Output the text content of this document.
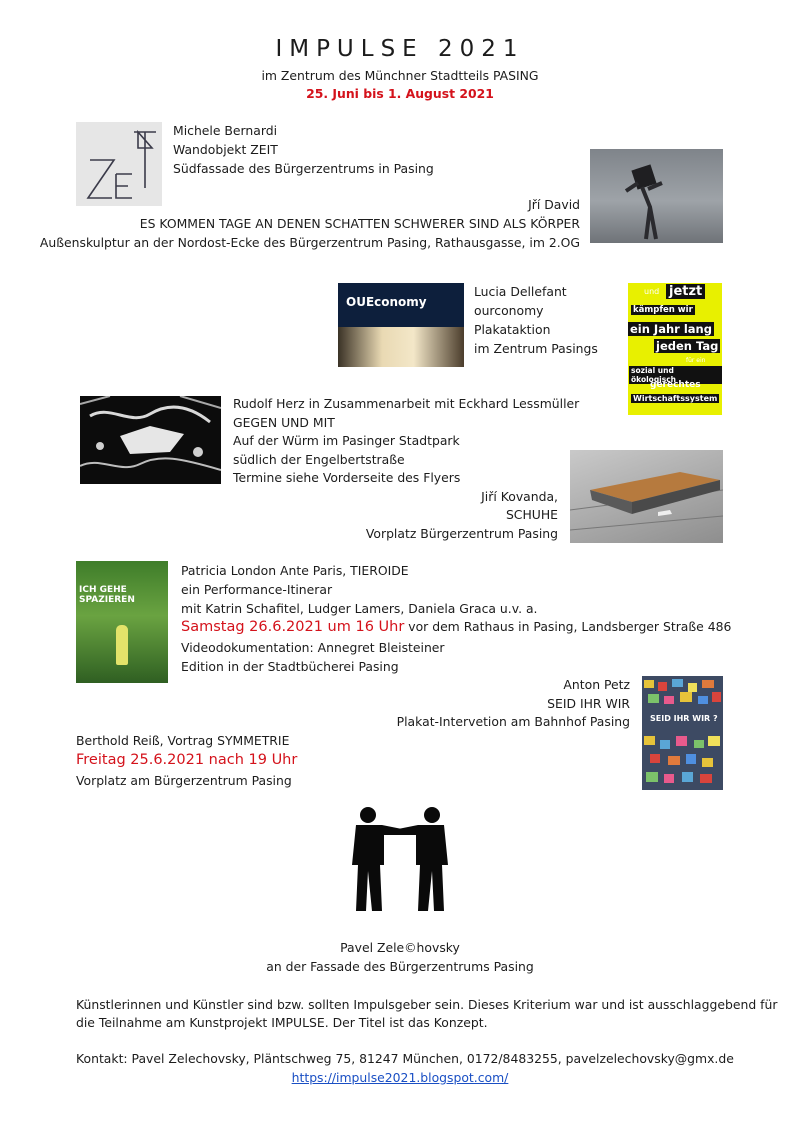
IMPULSE 2021
im Zentrum des Münchner Stadtteils PASING
25. Juni bis 1. August 2021
Michele Bernardi
Wandobjekt ZEIT
Südfassade des Bürgerzentrums in Pasing
Jří David
ES KOMMEN TAGE AN DENEN SCHATTEN SCHWERER SIND ALS KÖRPER
Außenskulptur an der Nordost-Ecke des Bürgerzentrum Pasing, Rathausgasse, im 2.OG
OUEconomy
Lucia Dellefant
ourconomy
Plakataktion
im Zentrum Pasings
und jetzt
kämpfen wir
ein Jahr lang
jeden Tag
für ein
sozial und ökologisch
gerechtes
Wirtschaftssystem
Rudolf Herz in Zusammenarbeit mit Eckhard Lessmüller
GEGEN UND MIT
Auf der Würm im Pasinger Stadtpark
südlich der Engelbertstraße
Termine siehe Vorderseite des Flyers
Jiří Kovanda,
SCHUHE
Vorplatz Bürgerzentrum Pasing
ICH GEHE SPAZIEREN
Patricia London Ante Paris, TIEROIDE
ein Performance-Itinerar
mit Katrin Schafitel, Ludger Lamers, Daniela Graca u.v. a.
Samstag 26.6.2021 um 16 Uhr vor dem Rathaus in Pasing, Landsberger Straße 486
Videodokumentation: Annegret Bleisteiner
Edition in der Stadtbücherei Pasing
SEID IHR WIR ?
Anton Petz
SEID IHR WIR
Plakat-Intervetion am Bahnhof Pasing
Berthold Reiß, Vortrag SYMMETRIE
Freitag 25.6.2021 nach 19 Uhr
Vorplatz am Bürgerzentrum Pasing
Pavel Zele©hovsky
an der Fassade des Bürgerzentrums Pasing
Künstlerinnen und Künstler sind bzw. sollten Impulsgeber sein. Dieses Kriterium war und ist ausschlaggebend für
die Teilnahme am Kunstprojekt IMPULSE. Der Titel ist das Konzept.
Kontakt: Pavel Zelechovsky, Pläntschweg 75, 81247 München, 0172/8483255, pavelzelechovsky@gmx.de
https://impulse2021.blogspot.com/
